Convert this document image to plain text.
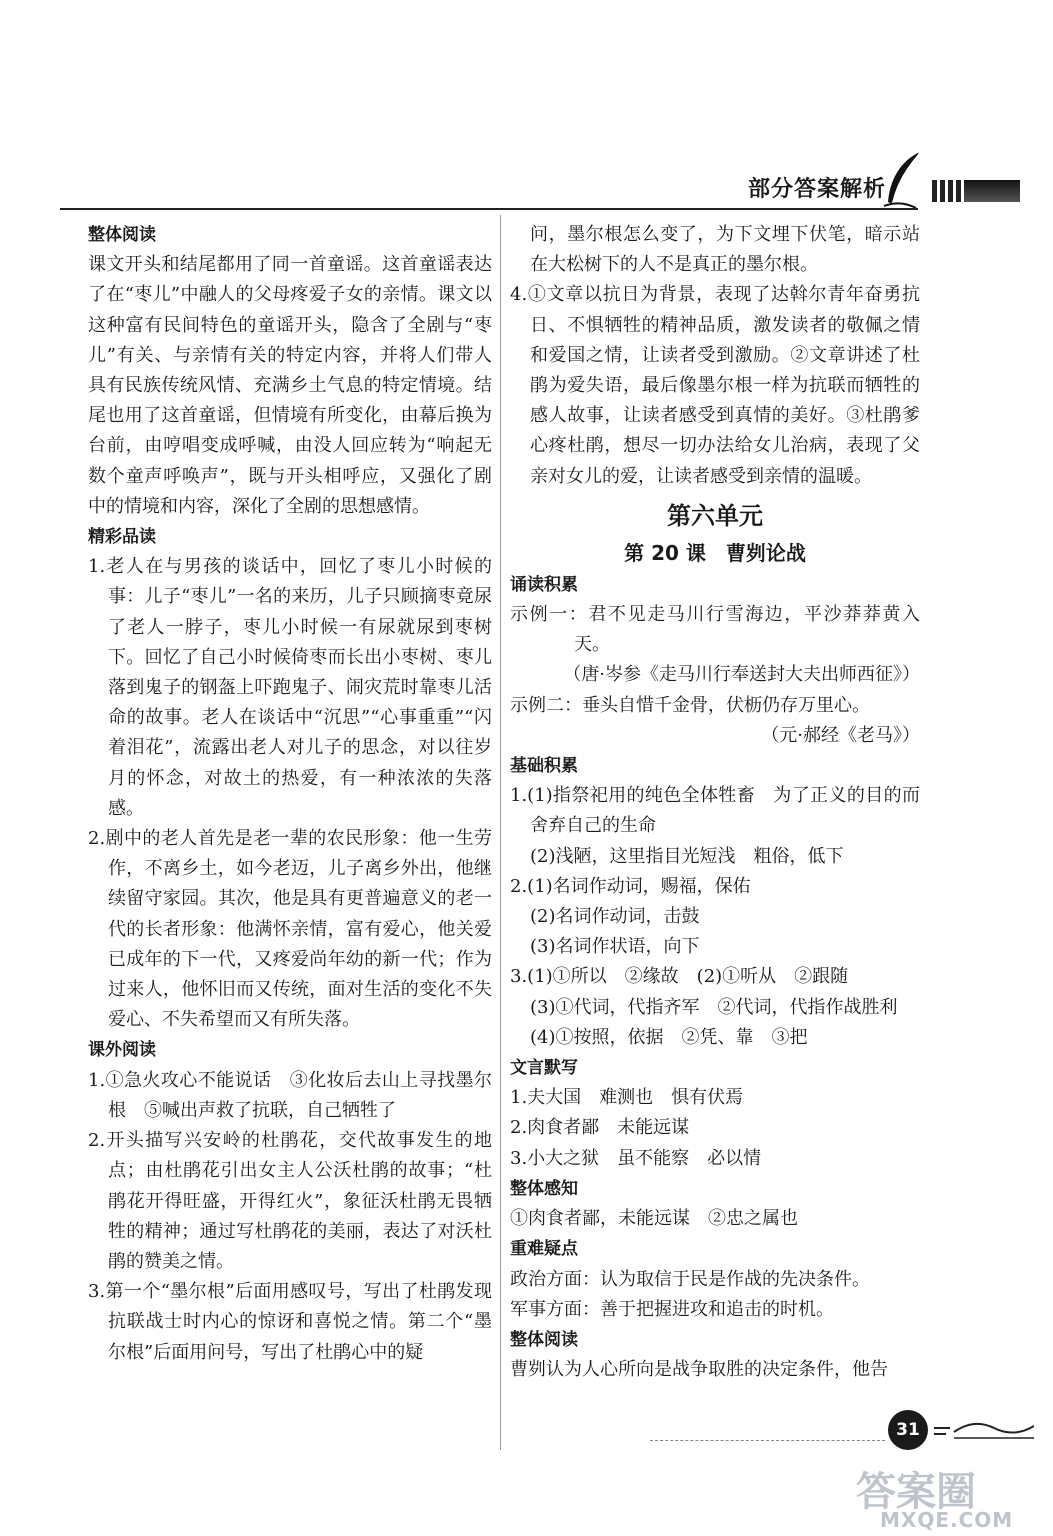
部分答案解析

整体阅读

课文开头和结尾都用了同一首童谣。这首童谣表达了在“枣儿”中融人的父母疼爱子女的亲情。课文以这种富有民间特色的童谣开头，隐含了全剧与“枣儿”有关、与亲情有关的特定内容，并将人们带人具有民族传统风情、充满乡土气息的特定情境。结尾也用了这首童谣，但情境有所变化，由幕后换为台前，由哼唱变成呼喊，由没人回应转为“响起无数个童声呼唤声”，既与开头相呼应，又强化了剧中的情境和内容，深化了全剧的思想感情。

精彩品读

1.老人在与男孩的谈话中，回忆了枣儿小时候的事：儿子“枣儿”一名的来历，儿子只顾摘枣竟尿了老人一脖子，枣儿小时候一有尿就尿到枣树下。回忆了自己小时候倚枣而长出小枣树、枣儿落到鬼子的钢盔上吓跑鬼子、闹灾荒时靠枣儿活命的故事。老人在谈话中“沉思”“心事重重”“闪着泪花”，流露出老人对儿子的思念，对以往岁月的怀念，对故土的热爱，有一种浓浓的失落感。

2.剧中的老人首先是老一辈的农民形象：他一生劳作，不离乡土，如今老迈，儿子离乡外出，他继续留守家园。其次，他是具有更普遍意义的老一代的长者形象：他满怀亲情，富有爱心，他关爱已成年的下一代，又疼爱尚年幼的新一代；作为过来人，他怀旧而又传统，面对生活的变化不失爱心、不失希望而又有所失落。

课外阅读

1.①急火攻心不能说话　③化妆后去山上寻找墨尔根　⑤喊出声救了抗联，自己牺牲了

2.开头描写兴安岭的杜鹃花，交代故事发生的地点；由杜鹃花引出女主人公沃杜鹃的故事；“杜鹃花开得旺盛，开得红火”，象征沃杜鹃无畏牺牲的精神；通过写杜鹃花的美丽，表达了对沃杜鹃的赞美之情。

3.第一个“墨尔根”后面用感叹号，写出了杜鹃发现抗联战士时内心的惊讶和喜悦之情。第二个“墨尔根”后面用问号，写出了杜鹃心中的疑

问，墨尔根怎么变了，为下文埋下伏笔，暗示站在大松树下的人不是真正的墨尔根。

4.①文章以抗日为背景，表现了达斡尔青年奋勇抗日、不惧牺牲的精神品质，激发读者的敬佩之情和爱国之情，让读者受到激励。②文章讲述了杜鹃为爱失语，最后像墨尔根一样为抗联而牺牲的感人故事，让读者感受到真情的美好。③杜鹃爹心疼杜鹃，想尽一切办法给女儿治病，表现了父亲对女儿的爱，让读者感受到亲情的温暖。

第六单元
第 20 课　曹刿论战

诵读积累

示例一：君不见走马川行雪海边，平沙莽莽黄入天。

（唐·岑参《走马川行奉送封大夫出师西征》）

示例二：垂头自惜千金骨，伏枥仍存万里心。

（元·郝经《老马》）

基础积累

1.(1)指祭祀用的纯色全体牲畜　为了正义的目的而舍弃自己的生命

(2)浅陋，这里指目光短浅　粗俗，低下

2.(1)名词作动词，赐福，保佑

(2)名词作动词，击鼓

(3)名词作状语，向下

3.(1)①所以　②缘故　(2)①听从　②跟随

(3)①代词，代指齐军　②代词，代指作战胜利

(4)①按照，依据　②凭、靠　③把

文言默写

1.夫大国　难测也　惧有伏焉

2.肉食者鄙　未能远谋

3.小大之狱　虽不能察　必以情

整体感知

①肉食者鄙，未能远谋　②忠之属也

重难疑点

政治方面：认为取信于民是作战的先决条件。

军事方面：善于把握进攻和追击的时机。

整体阅读

曹刿认为人心所向是战争取胜的决定条件，他告

31
答案圈
MXQE.COM
